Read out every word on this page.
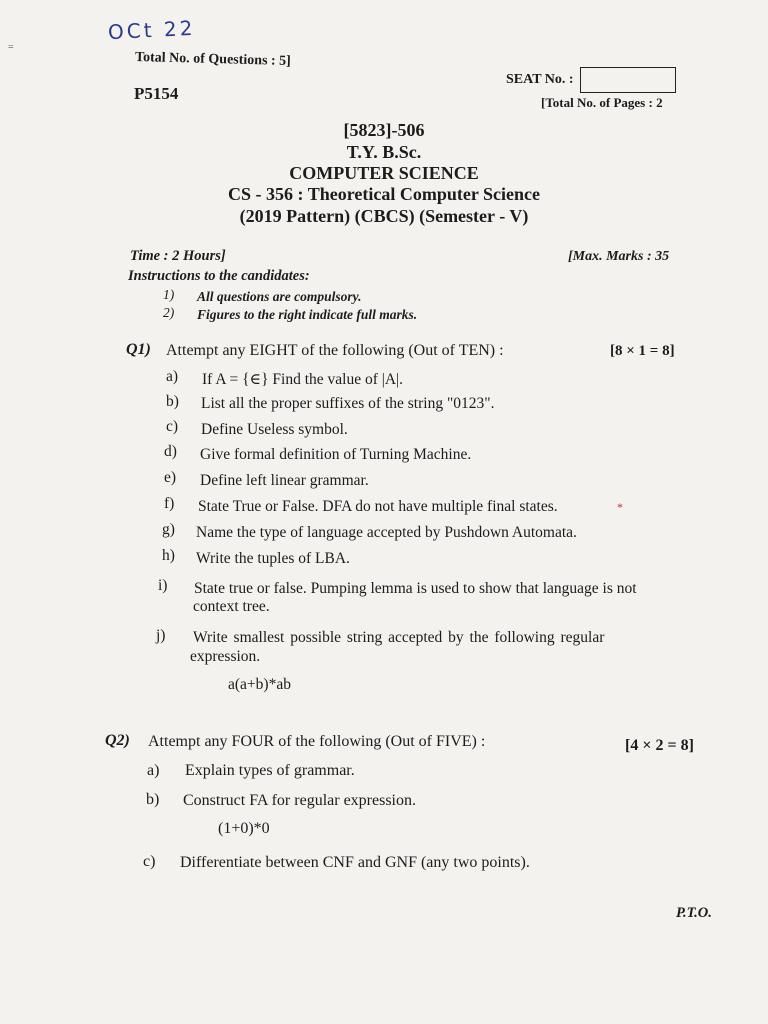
=
OCt 22
Total No. of Questions : 5]
P5154
SEAT No. :
[Total No. of Pages : 2
[5823]-506
T.Y. B.Sc.
COMPUTER SCIENCE
CS - 356 : Theoretical Computer Science
(2019 Pattern) (CBCS) (Semester - V)
Time : 2 Hours]	[Max. Marks : 35
Instructions to the candidates:
1) All questions are compulsory.
2) Figures to the right indicate full marks.
Q1) Attempt any EIGHT of the following (Out of TEN) :	[8 × 1 = 8]
a) If A = {∈} Find the value of |A|.
b) List all the proper suffixes of the string "0123".
c) Define Useless symbol.
d) Give formal definition of Turning Machine.
e) Define left linear grammar.
f) State True or False. DFA do not have multiple final states.	*
g) Name the type of language accepted by Pushdown Automata.
h) Write the tuples of LBA.
i) State true or false. Pumping lemma is used to show that language is not
context tree.
j) Write smallest possible string accepted by the following regular
expression.
a(a+b)*ab
Q2) Attempt any FOUR of the following (Out of FIVE) :	[4 × 2 = 8]
a) Explain types of grammar.
b) Construct FA for regular expression.
(1+0)*0
c) Differentiate between CNF and GNF (any two points).
P.T.O.
